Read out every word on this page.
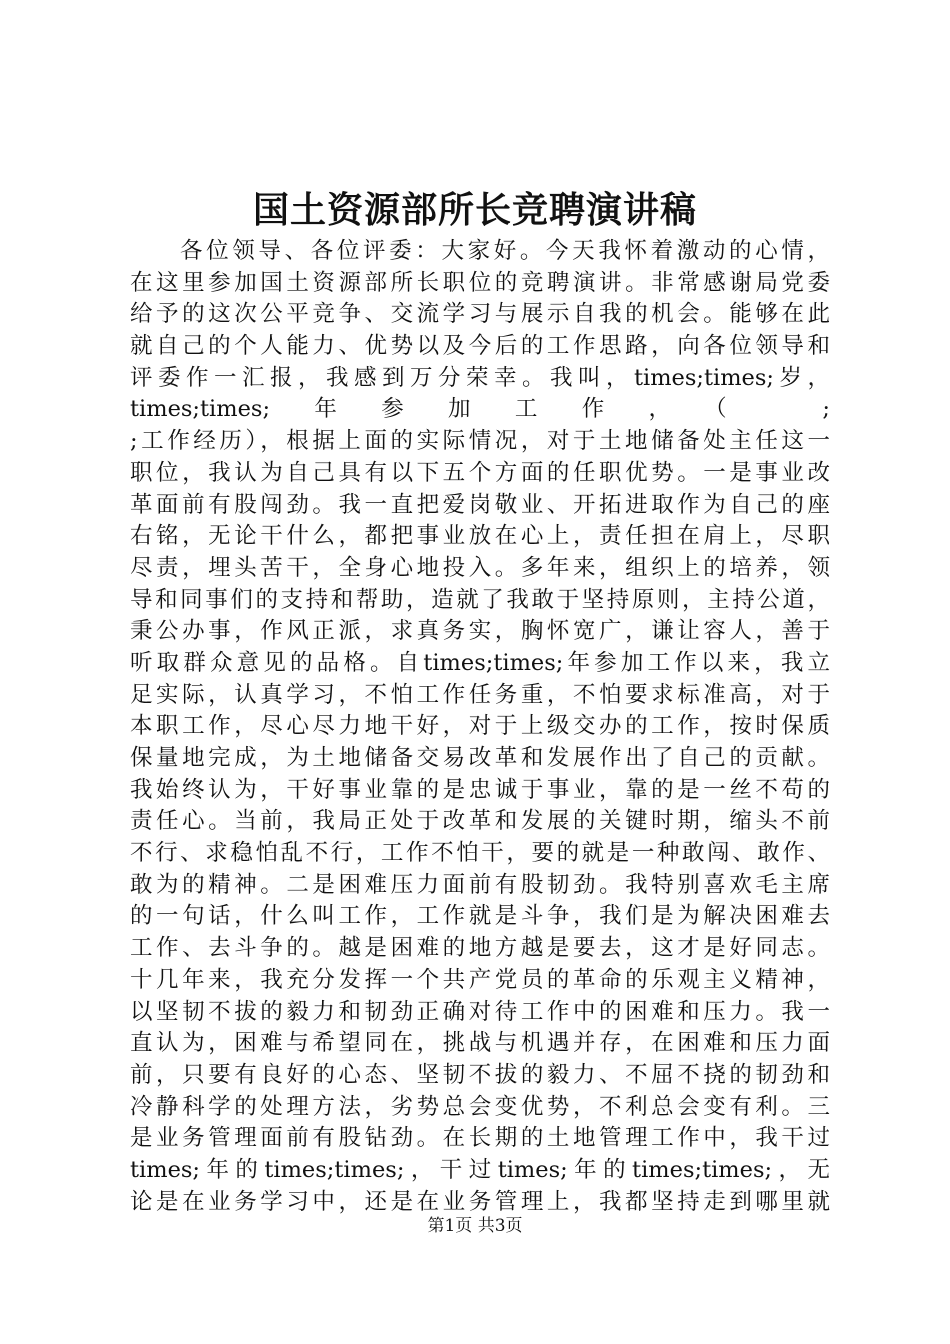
国土资源部所长竞聘演讲稿
各位领导、各位评委：大家好。今天我怀着激动的心情，
在这里参加国土资源部所长职位的竞聘演讲。非常感谢局党委
给予的这次公平竞争、交流学习与展示自我的机会。能够在此
就自己的个人能力、优势以及今后的工作思路，向各位领导和
评委作一汇报，我感到万分荣幸。我叫，times;times;岁，
times;times;年参加工作，（ ;
;工作经历），根据上面的实际情况，对于土地储备处主任这一
职位，我认为自己具有以下五个方面的任职优势。一是事业改
革面前有股闯劲。我一直把爱岗敬业、开拓进取作为自己的座
右铭，无论干什么，都把事业放在心上，责任担在肩上，尽职
尽责，埋头苦干，全身心地投入。多年来，组织上的培养，领
导和同事们的支持和帮助，造就了我敢于坚持原则，主持公道，
秉公办事，作风正派，求真务实，胸怀宽广，谦让容人，善于
听取群众意见的品格。自times;times;年参加工作以来，我立
足实际，认真学习，不怕工作任务重，不怕要求标准高，对于
本职工作，尽心尽力地干好，对于上级交办的工作，按时保质
保量地完成，为土地储备交易改革和发展作出了自己的贡献。
我始终认为，干好事业靠的是忠诚于事业，靠的是一丝不苟的
责任心。当前，我局正处于改革和发展的关键时期，缩头不前
不行、求稳怕乱不行，工作不怕干，要的就是一种敢闯、敢作、
敢为的精神。二是困难压力面前有股韧劲。我特别喜欢毛主席
的一句话，什么叫工作，工作就是斗争，我们是为解决困难去
工作、去斗争的。越是困难的地方越是要去，这才是好同志。
十几年来，我充分发挥一个共产党员的革命的乐观主义精神，
以坚韧不拔的毅力和韧劲正确对待工作中的困难和压力。我一
直认为，困难与希望同在，挑战与机遇并存，在困难和压力面
前，只要有良好的心态、坚韧不拔的毅力、不屈不挠的韧劲和
冷静科学的处理方法，劣势总会变优势，不利总会变有利。三
是业务管理面前有股钻劲。在长期的土地管理工作中，我干过
times;年的times;times;，干过times;年的times;times;，无
论是在业务学习中，还是在业务管理上，我都坚持走到哪里就
第1页 共3页
